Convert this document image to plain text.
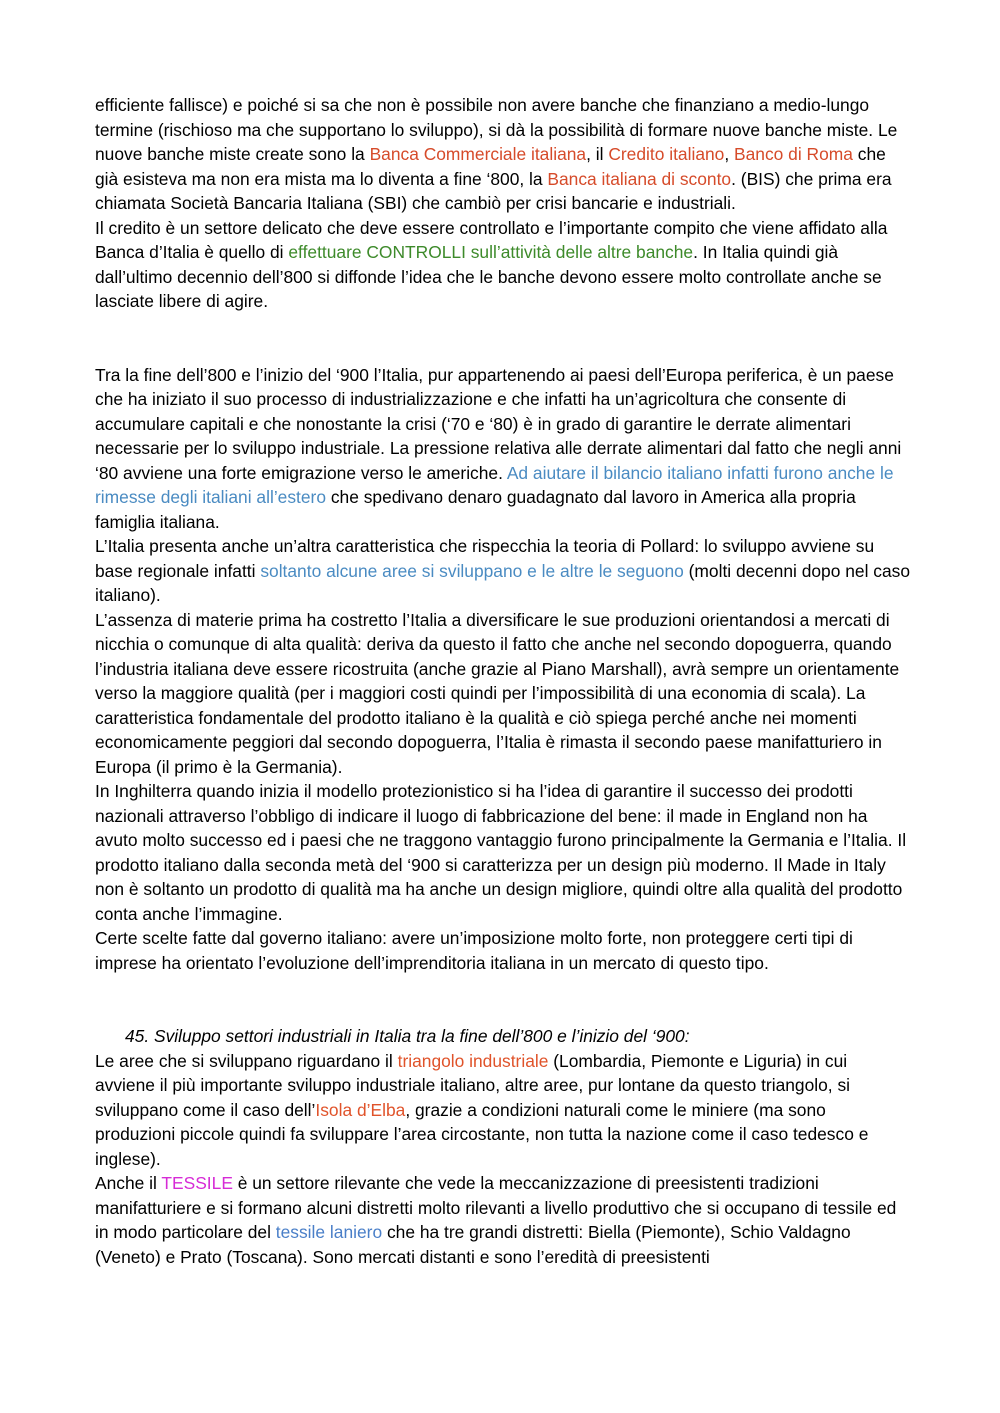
efficiente fallisce) e poiché si sa che non è possibile non avere banche che finanziano a medio-lungo termine (rischioso ma che supportano lo sviluppo), si dà la possibilità di formare nuove banche miste. Le nuove banche miste create sono la Banca Commerciale italiana, il Credito italiano, Banco di Roma che già esisteva ma non era mista ma lo diventa a fine ‘800, la Banca italiana di sconto. (BIS) che prima era chiamata Società Bancaria Italiana (SBI) che cambiò per crisi bancarie e industriali.

Il credito è un settore delicato che deve essere controllato e l’importante compito che viene affidato alla Banca d’Italia è quello di effettuare CONTROLLI sull’attività delle altre banche. In Italia quindi già dall’ultimo decennio dell’800 si diffonde l’idea che le banche devono essere molto controllate anche se lasciate libere di agire.

Tra la fine dell’800 e l’inizio del ‘900 l’Italia, pur appartenendo ai paesi dell’Europa periferica, è un paese che ha iniziato il suo processo di industrializzazione e che infatti ha un’agricoltura che consente di accumulare capitali e che nonostante la crisi (‘70 e ‘80) è in grado di garantire le derrate alimentari necessarie per lo sviluppo industriale. La pressione relativa alle derrate alimentari dal fatto che negli anni ‘80 avviene una forte emigrazione verso le americhe. Ad aiutare il bilancio italiano infatti furono anche le rimesse degli italiani all’estero che spedivano denaro guadagnato dal lavoro in America alla propria famiglia italiana.

L’Italia presenta anche un’altra caratteristica che rispecchia la teoria di Pollard: lo sviluppo avviene su base regionale infatti soltanto alcune aree si sviluppano e le altre le seguono (molti decenni dopo nel caso italiano).

L’assenza di materie prima ha costretto l’Italia a diversificare le sue produzioni orientandosi a mercati di nicchia o comunque di alta qualità: deriva da questo il fatto che anche nel secondo dopoguerra, quando l’industria italiana deve essere ricostruita (anche grazie al Piano Marshall), avrà sempre un orientamente verso la maggiore qualità (per i maggiori costi quindi per l’impossibilità di una economia di scala). La caratteristica fondamentale del prodotto italiano è la qualità e ciò spiega perché anche nei momenti economicamente peggiori dal secondo dopoguerra, l’Italia è rimasta il secondo paese manifatturiero in Europa (il primo è la Germania).

In Inghilterra quando inizia il modello protezionistico si ha l’idea di garantire il successo dei prodotti nazionali attraverso l’obbligo di indicare il luogo di fabbricazione del bene: il made in England non ha avuto molto successo ed i paesi che ne traggono vantaggio furono principalmente la Germania e l’Italia. Il prodotto italiano dalla seconda metà del ‘900 si caratterizza per un design più moderno. Il Made in Italy non è soltanto un prodotto di qualità ma ha anche un design migliore, quindi oltre alla qualità del prodotto conta anche l’immagine.

Certe scelte fatte dal governo italiano: avere un’imposizione molto forte, non proteggere certi tipi di imprese ha orientato l’evoluzione dell’imprenditoria italiana in un mercato di questo tipo.

45. Sviluppo settori industriali in Italia tra la fine dell’800 e l’inizio del ‘900:

Le aree che si sviluppano riguardano il triangolo industriale (Lombardia, Piemonte e Liguria) in cui avviene il più importante sviluppo industriale italiano, altre aree, pur lontane da questo triangolo, si sviluppano come il caso dell’Isola d’Elba, grazie a condizioni naturali come le miniere (ma sono produzioni piccole quindi fa sviluppare l’area circostante, non tutta la nazione come il caso tedesco e inglese).

Anche il TESSILE è un settore rilevante che vede la meccanizzazione di preesistenti tradizioni manifatturiere e si formano alcuni distretti molto rilevanti a livello produttivo che si occupano di tessile ed in modo particolare del tessile laniero che ha tre grandi distretti: Biella (Piemonte), Schio Valdagno (Veneto) e Prato (Toscana). Sono mercati distanti e sono l’eredità di preesistenti
